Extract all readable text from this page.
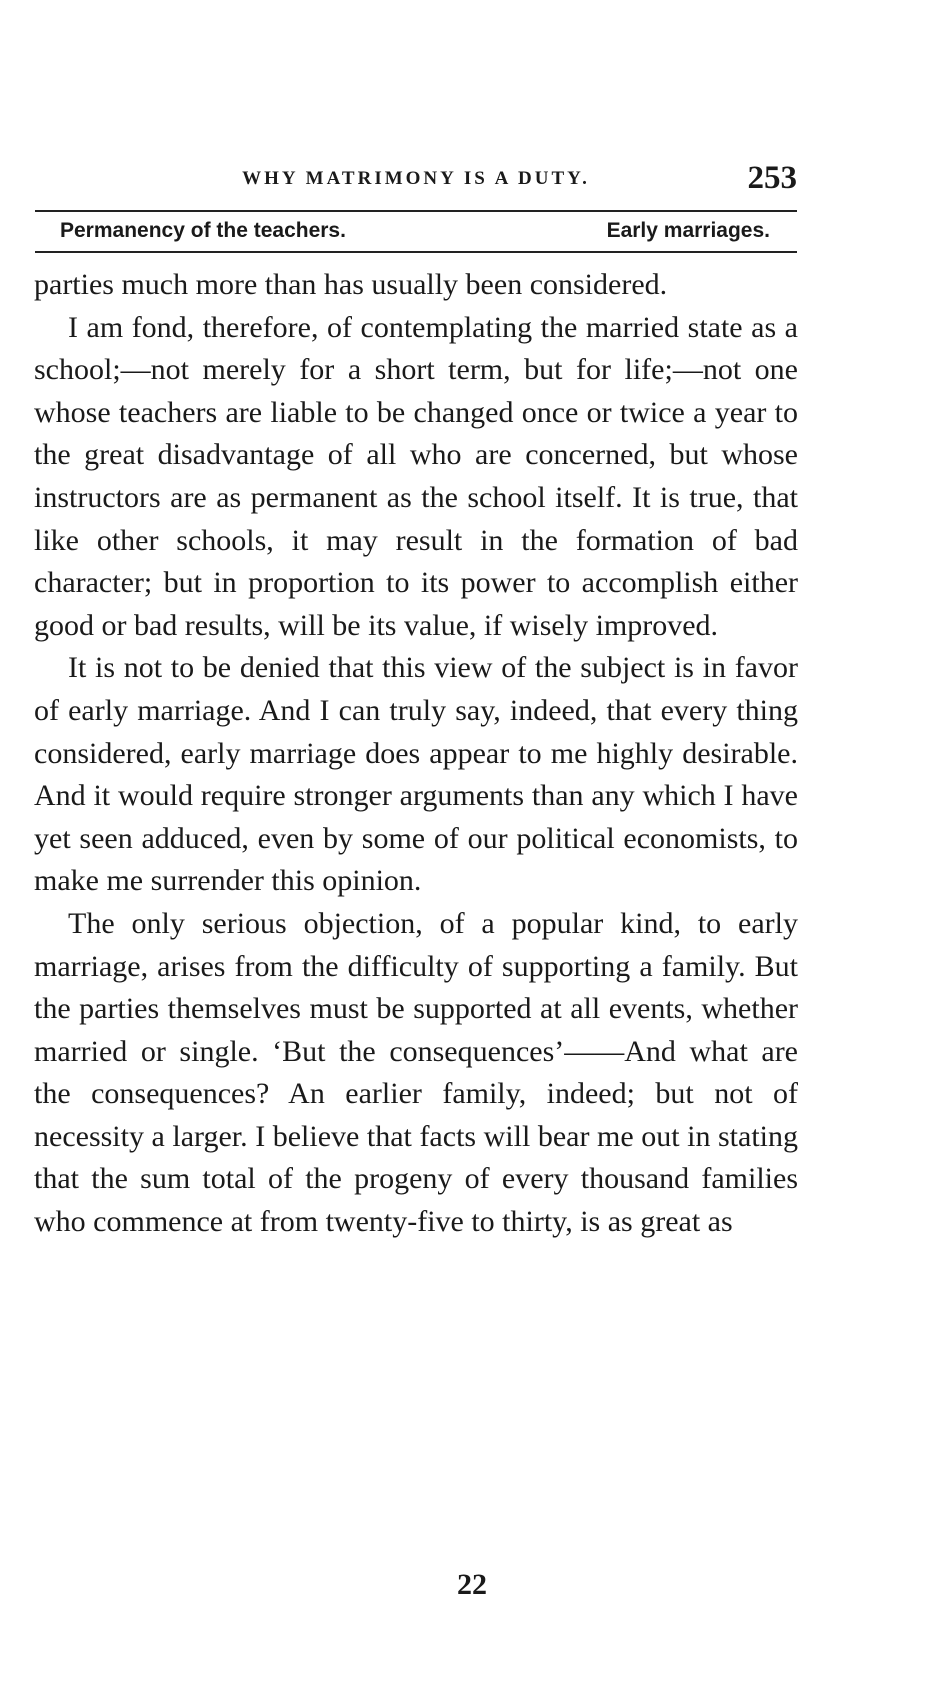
WHY MATRIMONY IS A DUTY.	253
Permanency of the teachers.	Early marriages.

parties much more than has usually been considered.

I am fond, therefore, of contemplating the married state as a school;—not merely for a short term, but for life;—not one whose teachers are liable to be changed once or twice a year to the great disadvantage of all who are concerned, but whose instructors are as permanent as the school itself. It is true, that like other schools, it may result in the formation of bad character; but in proportion to its power to accomplish either good or bad results, will be its value, if wisely improved.

It is not to be denied that this view of the subject is in favor of early marriage. And I can truly say, indeed, that every thing considered, early marriage does appear to me highly desirable. And it would require stronger arguments than any which I have yet seen adduced, even by some of our political economists, to make me surrender this opinion.

The only serious objection, of a popular kind, to early marriage, arises from the difficulty of supporting a family. But the parties themselves must be supported at all events, whether married or single. ‘But the consequences’——And what are the consequences? An earlier family, indeed; but not of necessity a larger. I believe that facts will bear me out in stating that the sum total of the progeny of every thousand families who commence at from twenty-five to thirty, is as great as

22
